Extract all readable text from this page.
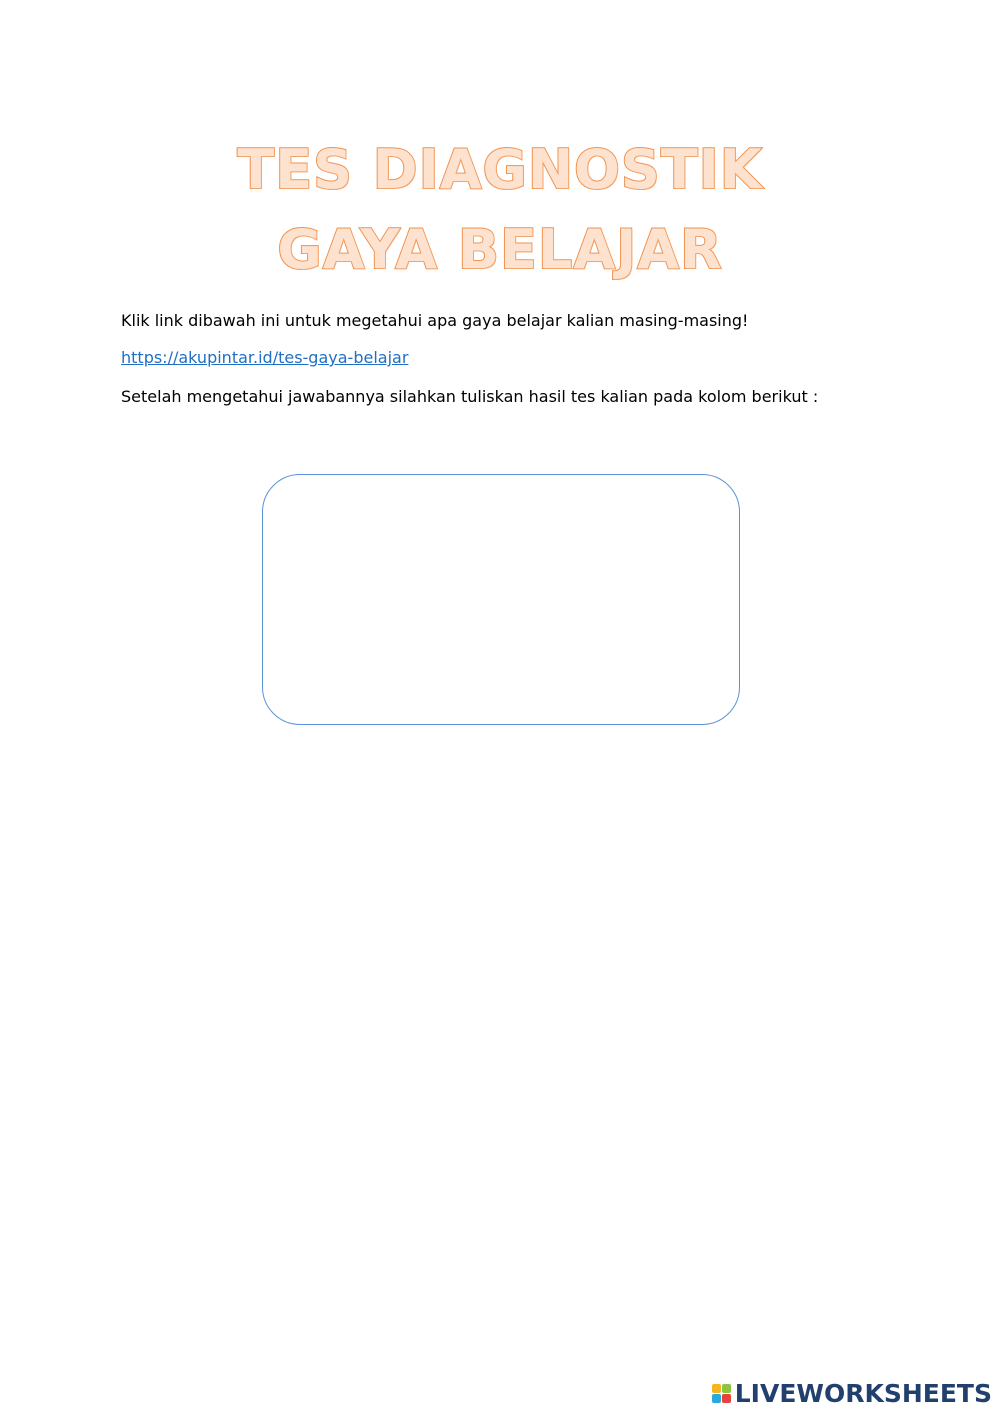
TES DIAGNOSTIK
GAYA BELAJAR
Klik link dibawah ini untuk megetahui apa gaya belajar kalian masing-masing!
https://akupintar.id/tes-gaya-belajar
Setelah mengetahui jawabannya silahkan tuliskan hasil tes kalian pada kolom berikut :
LIVEWORKSHEETS
